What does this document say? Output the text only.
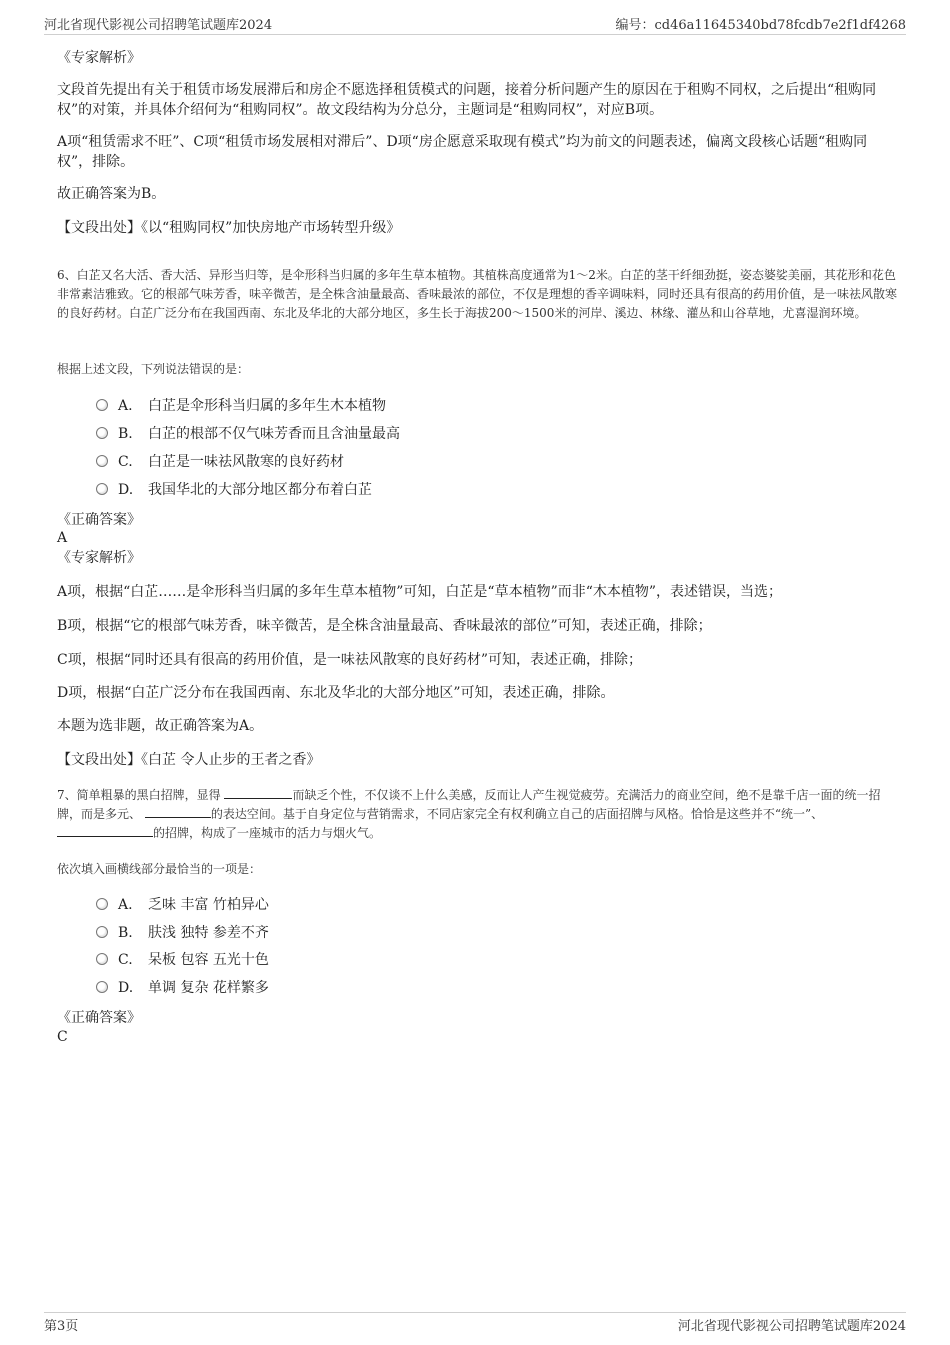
河北省现代影视公司招聘笔试题库2024	编号：cd46a11645340bd78fcdb7e2f1df4268
《专家解析》
文段首先提出有关于租赁市场发展滞后和房企不愿选择租赁模式的问题，接着分析问题产生的原因在于租购不同权，之后提出“租购同权”的对策，并具体介绍何为“租购同权”。故文段结构为分总分，主题词是“租购同权”，对应B项。
A项“租赁需求不旺”、C项“租赁市场发展相对滞后”、D项“房企愿意采取现有模式”均为前文的问题表述，偏离文段核心话题“租购同权”，排除。
故正确答案为B。
【文段出处】《以“租购同权”加快房地产市场转型升级》
6、白芷又名大活、香大活、异形当归等，是伞形科当归属的多年生草本植物。其植株高度通常为1～2米。白芷的茎干纤细劲挺，姿态婆娑美丽，其花形和花色非常素洁雅致。它的根部气味芳香，味辛微苦，是全株含油量最高、香味最浓的部位，不仅是理想的香辛调味料，同时还具有很高的药用价值，是一味祛风散寒的良好药材。白芷广泛分布在我国西南、东北及华北的大部分地区，多生长于海拔200～1500米的河岸、溪边、林缘、灌丛和山谷草地，尤喜湿润环境。
根据上述文段，下列说法错误的是：
A. 白芷是伞形科当归属的多年生木本植物
B. 白芷的根部不仅气味芳香而且含油量最高
C. 白芷是一味祛风散寒的良好药材
D. 我国华北的大部分地区都分布着白芷
《正确答案》
A
《专家解析》
A项，根据“白芷……是伞形科当归属的多年生草本植物”可知，白芷是“草本植物”而非“木本植物”，表述错误，当选；
B项，根据“它的根部气味芳香，味辛微苦，是全株含油量最高、香味最浓的部位”可知，表述正确，排除；
C项，根据“同时还具有很高的药用价值，是一味祛风散寒的良好药材”可知，表述正确，排除；
D项，根据“白芷广泛分布在我国西南、东北及华北的大部分地区”可知，表述正确，排除。
本题为选非题，故正确答案为A。
【文段出处】《白芷 令人止步的王者之香》
7、简单粗暴的黑白招牌，显得	而缺乏个性，不仅谈不上什么美感，反而让人产生视觉疲劳。充满活力的商业空间，绝不是靠千店一面的统一招牌，而是多元、	的表达空间。基于自身定位与营销需求，不同店家完全有权利确立自己的店面招牌与风格。恰恰是这些并不“统一”、 的招牌，构成了一座城市的活力与烟火气。
依次填入画横线部分最恰当的一项是：
A. 乏味 丰富 竹柏异心
B. 肤浅 独特 参差不齐
C. 呆板 包容 五光十色
D. 单调 复杂 花样繁多
《正确答案》
C
第3页	河北省现代影视公司招聘笔试题库2024
